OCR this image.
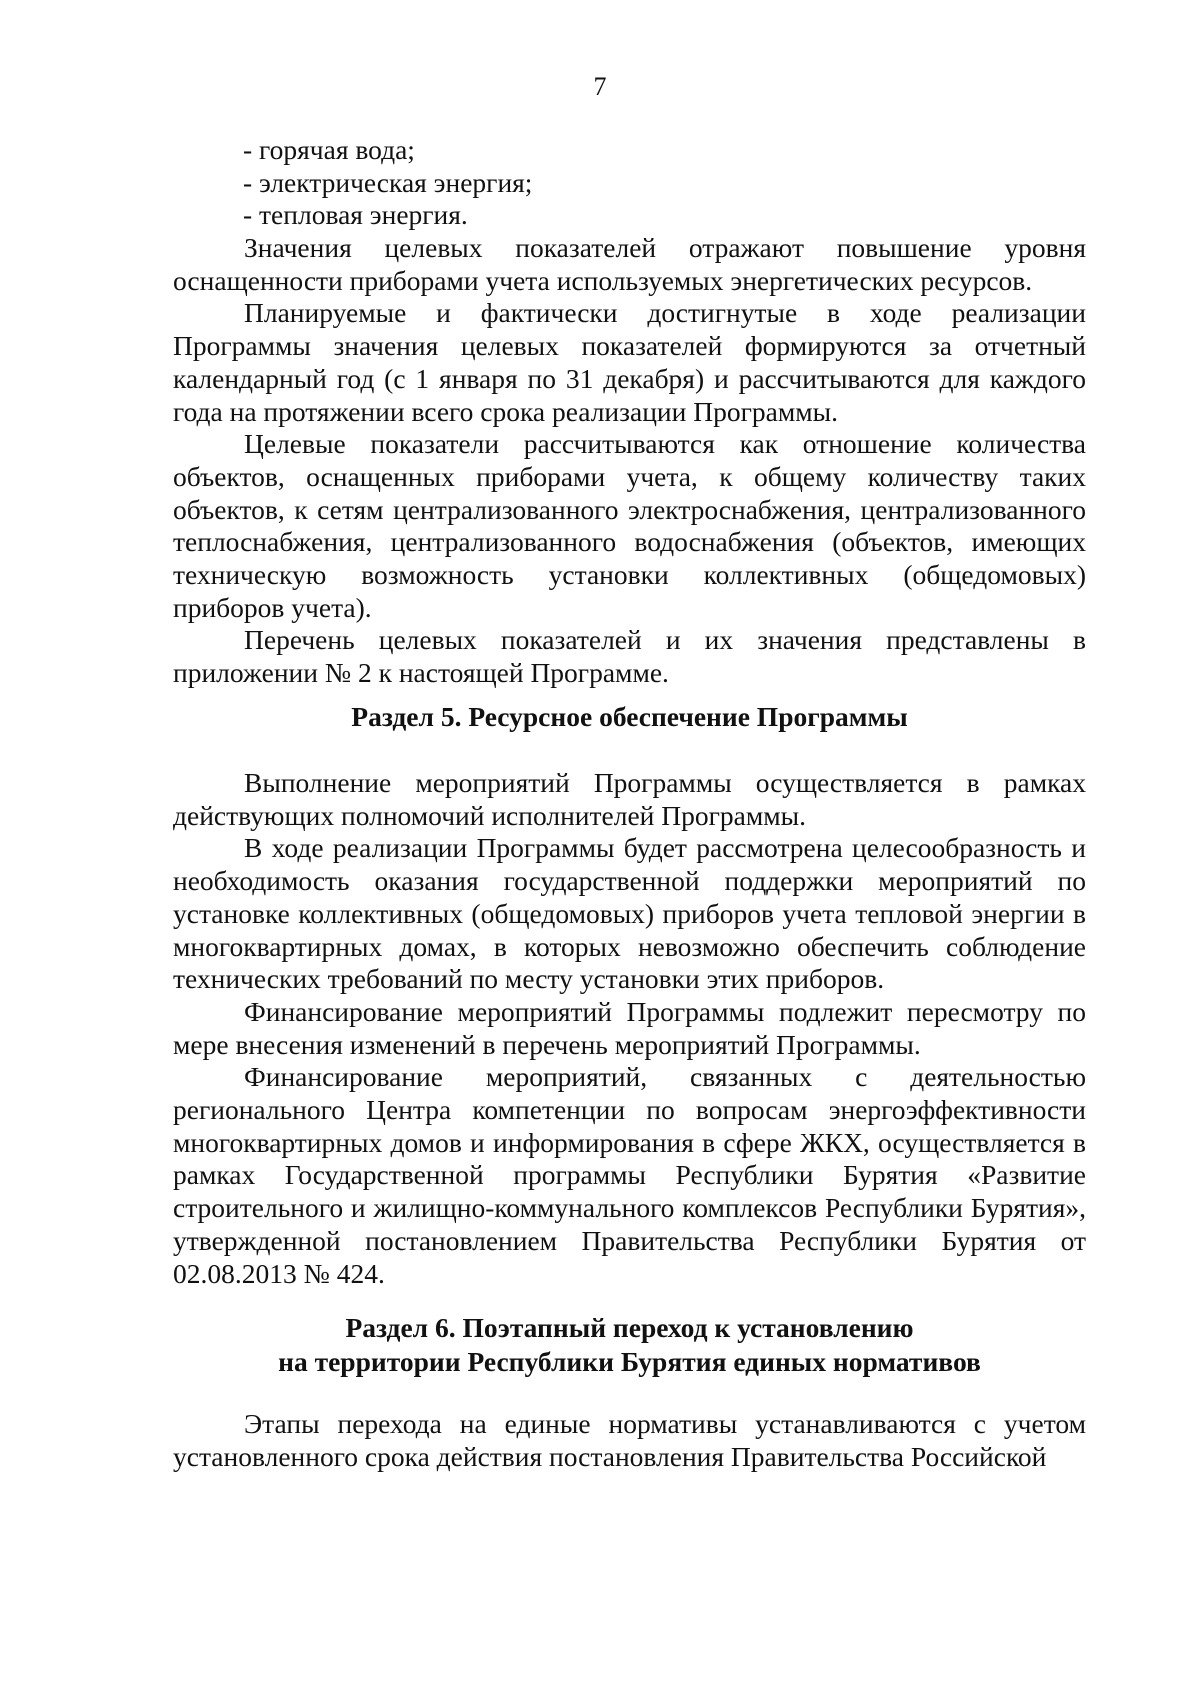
7

- горячая вода;

- электрическая энергия;

- тепловая энергия.

Значения целевых показателей отражают повышение уровня оснащенности приборами учета используемых энергетических ресурсов.

Планируемые и фактически достигнутые в ходе реализации Программы значения целевых показателей формируются за отчетный календарный год (с 1 января по 31 декабря) и рассчитываются для каждого года на протяжении всего срока реализации Программы.

Целевые показатели рассчитываются как отношение количества объектов, оснащенных приборами учета, к общему количеству таких объектов, к сетям централизованного электроснабжения, централизованного теплоснабжения, централизованного водоснабжения (объектов, имеющих техническую возможность установки коллективных (общедомовых) приборов учета).

Перечень целевых показателей и их значения представлены в приложении № 2 к настоящей Программе.

Раздел 5. Ресурсное обеспечение Программы

Выполнение мероприятий Программы осуществляется в рамках действующих полномочий исполнителей Программы.

В ходе реализации Программы будет рассмотрена целесообразность и необходимость оказания государственной поддержки мероприятий по установке коллективных (общедомовых) приборов учета тепловой энергии в многоквартирных домах, в которых невозможно обеспечить соблюдение технических требований по месту установки этих приборов.

Финансирование мероприятий Программы подлежит пересмотру по мере внесения изменений в перечень мероприятий Программы.

Финансирование мероприятий, связанных с деятельностью регионального Центра компетенции по вопросам энергоэффективности многоквартирных домов и информирования в сфере ЖКХ, осуществляется в рамках Государственной программы Республики Бурятия «Развитие строительного и жилищно-коммунального комплексов Республики Бурятия», утвержденной постановлением Правительства Республики Бурятия от 02.08.2013 № 424.

Раздел 6. Поэтапный переход к установлению
на территории Республики Бурятия единых нормативов

Этапы перехода на единые нормативы устанавливаются с учетом установленного срока действия постановления Правительства Российской
